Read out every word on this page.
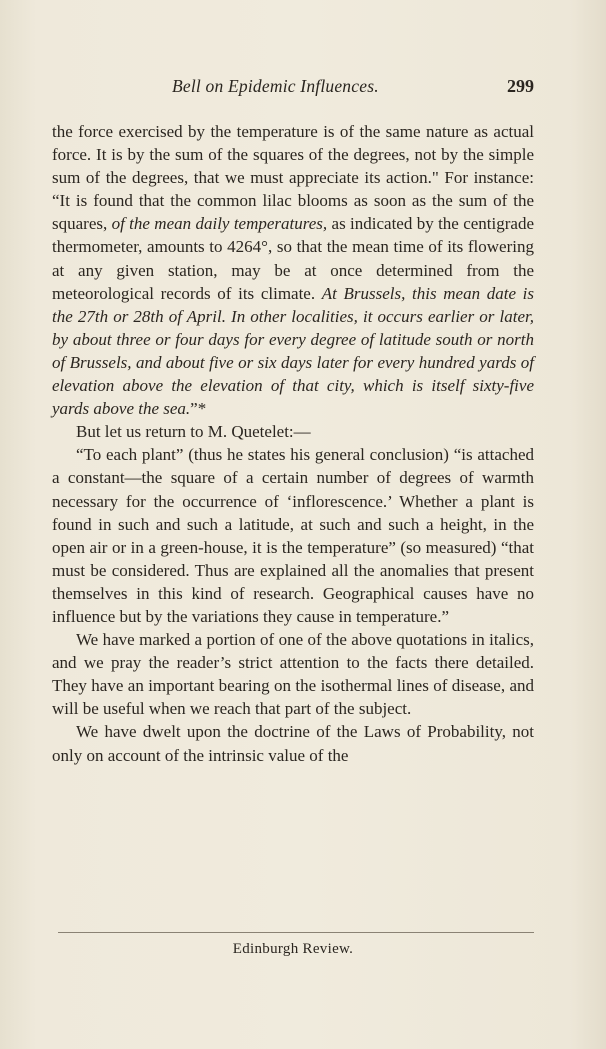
Bell on Epidemic Influences.	299

the force exercised by the temperature is of the same nature as actual force. It is by the sum of the squares of the degrees, not by the simple sum of the degrees, that we must appreciate its action." For instance: “It is found that the common lilac blooms as soon as the sum of the squares, of the mean daily temperatures, as indicated by the centigrade thermometer, amounts to 4264°, so that the mean time of its flowering at any given station, may be at once determined from the meteorological records of its climate. At Brussels, this mean date is the 27th or 28th of April. In other localities, it occurs earlier or later, by about three or four days for every degree of latitude south or north of Brussels, and about five or six days later for every hundred yards of elevation above the elevation of that city, which is itself sixty-five yards above the sea.”*

But let us return to M. Quetelet:—

“To each plant” (thus he states his general conclusion) “is attached a constant—the square of a certain number of degrees of warmth necessary for the occurrence of ‘inflorescence.’ Whether a plant is found in such and such a latitude, at such and such a height, in the open air or in a green-house, it is the temperature” (so measured) “that must be considered. Thus are explained all the anomalies that present themselves in this kind of research. Geographical causes have no influence but by the variations they cause in temperature.”

We have marked a portion of one of the above quotations in italics, and we pray the reader’s strict attention to the facts there detailed. They have an important bearing on the isothermal lines of disease, and will be useful when we reach that part of the subject.

We have dwelt upon the doctrine of the Laws of Probability, not only on account of the intrinsic value of the

Edinburgh Review.
